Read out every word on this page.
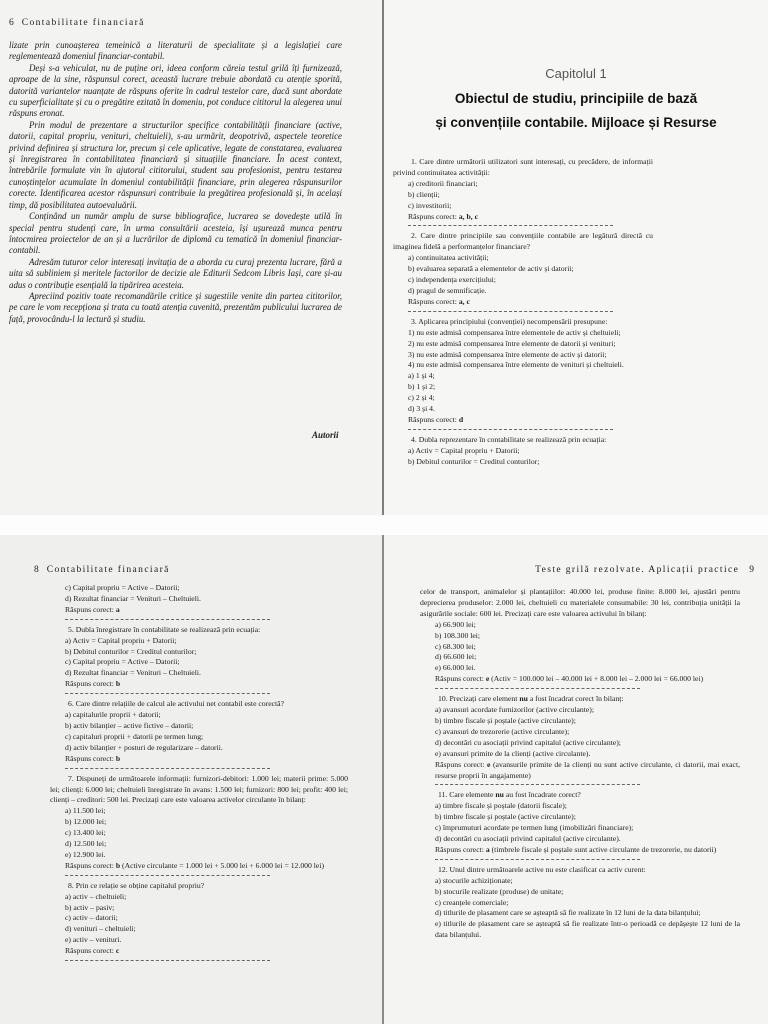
6 Contabilitate financiară

lizate prin cunoașterea temeinică a literaturii de specialitate și a legislației care reglementează domeniul financiar-contabil.

Deși s-a vehiculat, nu de puține ori, ideea conform căreia testul grilă îți furnizează, aproape de la sine, răspunsul corect, această lucrare trebuie abordată cu atenție sporită, datorită variantelor nuanțate de răspuns oferite în cadrul testelor care, dacă sunt abordate cu superficialitate și cu o pregătire ezitată în domeniu, pot conduce cititorul la alegerea unui răspuns eronat.

Prin modul de prezentare a structurilor specifice contabilității financiare (active, datorii, capital propriu, venituri, cheltuieli), s-au urmărit, deopotrivă, aspectele teoretice privind definirea și structura lor, precum și cele aplicative, legate de constatarea, evaluarea și înregistrarea în contabilitatea financiară și situațiile financiare. În acest context, întrebările formulate vin în ajutorul cititorului, student sau profesionist, pentru testarea cunoștințelor acumulate în domeniul contabilității financiare, prin alegerea răspunsurilor corecte. Identificarea acestor răspunsuri contribuie la pregătirea profesională și, în același timp, dă posibilitatea autoevaluării.

Conținând un număr amplu de surse bibliografice, lucrarea se dovedește utilă în special pentru studenți care, în urma consultării acesteia, își ușurează munca pentru întocmirea proiectelor de an și a lucrărilor de diplomă cu tematică în domeniul financiar-contabil.

Adresăm tuturor celor interesați invitația de a aborda cu curaj prezenta lucrare, fără a uita să subliniem și meritele factorilor de decizie ale Editurii Sedcom Libris Iași, care și-au adus o contribuție esențială la tipărirea acesteia.

Apreciind pozitiv toate recomandările critice și sugestiile venite din partea cititorilor, pe care le vom recepționa și trata cu toată atenția cuvenită, prezentăm publicului lucrarea de față, provocându-l la lectură și studiu.

Autorii
Capitolul 1
Obiectul de studiu, principiile de bază
și convențiile contabile. Mijloace și Resurse
1. Care dintre următorii utilizatori sunt interesați, cu precădere, de informații privind continuitatea activității:
a) creditorii financiari;
b) clienții;
c) investitorii;
Răspuns corect: a, b, c
2. Care dintre principiile sau convențiile contabile are legătură directă cu imaginea fidelă a performanțelor financiare?
a) continuitatea activității;
b) evaluarea separată a elementelor de activ și datorii;
c) independența exercițiului;
d) pragul de semnificație.
Răspuns corect: a, c
3. Aplicarea principiului (convenției) necompensării presupune:
1) nu este admisă compensarea între elementele de activ și cheltuieli;
2) nu este admisă compensarea între elemente de datorii și venituri;
3) nu este admisă compensarea între elemente de activ și datorii;
4) nu este admisă compensarea între elemente de venituri și cheltuieli.
a) 1 și 4;
b) 1 și 2;
c) 2 și 4;
d) 3 și 4.
Răspuns corect: d
4. Dubla reprezentare în contabilitate se realizează prin ecuația:
a) Activ = Capital propriu + Datorii;
b) Debitul conturilor = Creditul conturilor;
8 Contabilitate financiară
c) Capital propriu = Active – Datorii;
d) Rezultat financiar = Venituri – Cheltuieli.
Răspuns corect: a
5. Dubla înregistrare în contabilitate se realizează prin ecuația:
a) Activ = Capital propriu + Datorii;
b) Debitul conturilor = Creditul conturilor;
c) Capital propriu = Active – Datorii;
d) Rezultat financiar = Venituri – Cheltuieli.
Răspuns corect: b
6. Care dintre relațiile de calcul ale activului net contabil este corectă?
a) capitalurile proprii + datorii;
b) activ bilanțier – active fictive – datorii;
c) capitaluri proprii + datorii pe termen lung;
d) activ bilanțier + posturi de regularizare – datorii.
Răspuns corect: b
7. Dispuneți de următoarele informații: furnizori-debitori: 1.000 lei; materii prime: 5.000 lei; clienți: 6.000 lei; cheltuieli înregistrate în avans: 1.500 lei; furnizori: 800 lei; profit: 400 lei; clienți – creditori: 500 lei. Precizați care este valoarea activelor circulante în bilanț:
a) 11.500 lei;
b) 12.000 lei;
c) 13.400 lei;
d) 12.500 lei;
e) 12.900 lei.
Răspuns corect: b (Active circulante = 1.000 lei + 5.000 lei + 6.000 lei = 12.000 lei)
8. Prin ce relație se obține capitalul propriu?
a) activ – cheltuieli;
b) activ – pasiv;
c) activ – datorii;
d) venituri – cheltuieli;
e) activ – venituri.
Răspuns corect: c
Teste grilă rezolvate. Aplicații practice 9
celor de transport, animalelor și plantațiilor: 40.000 lei, produse finite: 8.000 lei, ajustări pentru deprecierea produselor: 2.000 lei, cheltuieli cu materialele consumabile: 30 lei, contribuția unității la asigurările sociale: 600 lei. Precizați care este valoarea activului în bilanț:
a) 66.900 lei;
b) 108.300 lei;
c) 68.300 lei;
d) 66.600 lei;
e) 66.000 lei.
Răspuns corect: e (Activ = 100.000 lei – 40.000 lei + 8.000 lei – 2.000 lei = 66.000 lei)
10. Precizați care element nu a fost încadrat corect în bilanț:
a) avansuri acordate furnizorilor (active circulante);
b) timbre fiscale și poștale (active circulante);
c) avansuri de trezorerie (active circulante);
d) decontări cu asociații privind capitalul (active circulante);
e) avansuri primite de la clienți (active circulante).
Răspuns corect: e (avansurile primite de la clienți nu sunt active circulante, ci datorii, mai exact, resurse proprii în angajamente)
11. Care elemente nu au fost încadrate corect?
a) timbre fiscale și poștale (datorii fiscale);
b) timbre fiscale și poștale (active circulante);
c) împrumuturi acordate pe termen lung (imobilizări financiare);
d) decontări cu asociații privind capitalul (active circulante).
Răspuns corect: a (timbrele fiscale și poștale sunt active circulante de trezorerie, nu datorii)
12. Unul dintre următoarele active nu este clasificat ca activ curent:
a) stocurile achiziționate;
b) stocurile realizate (produse) de unitate;
c) creanțele comerciale;
d) titlurile de plasament care se așteaptă să fie realizate în 12 luni de la data bilanțului;
e) titlurile de plasament care se așteaptă să fie realizate într-o perioadă ce depășește 12 luni de la data bilanțului.
